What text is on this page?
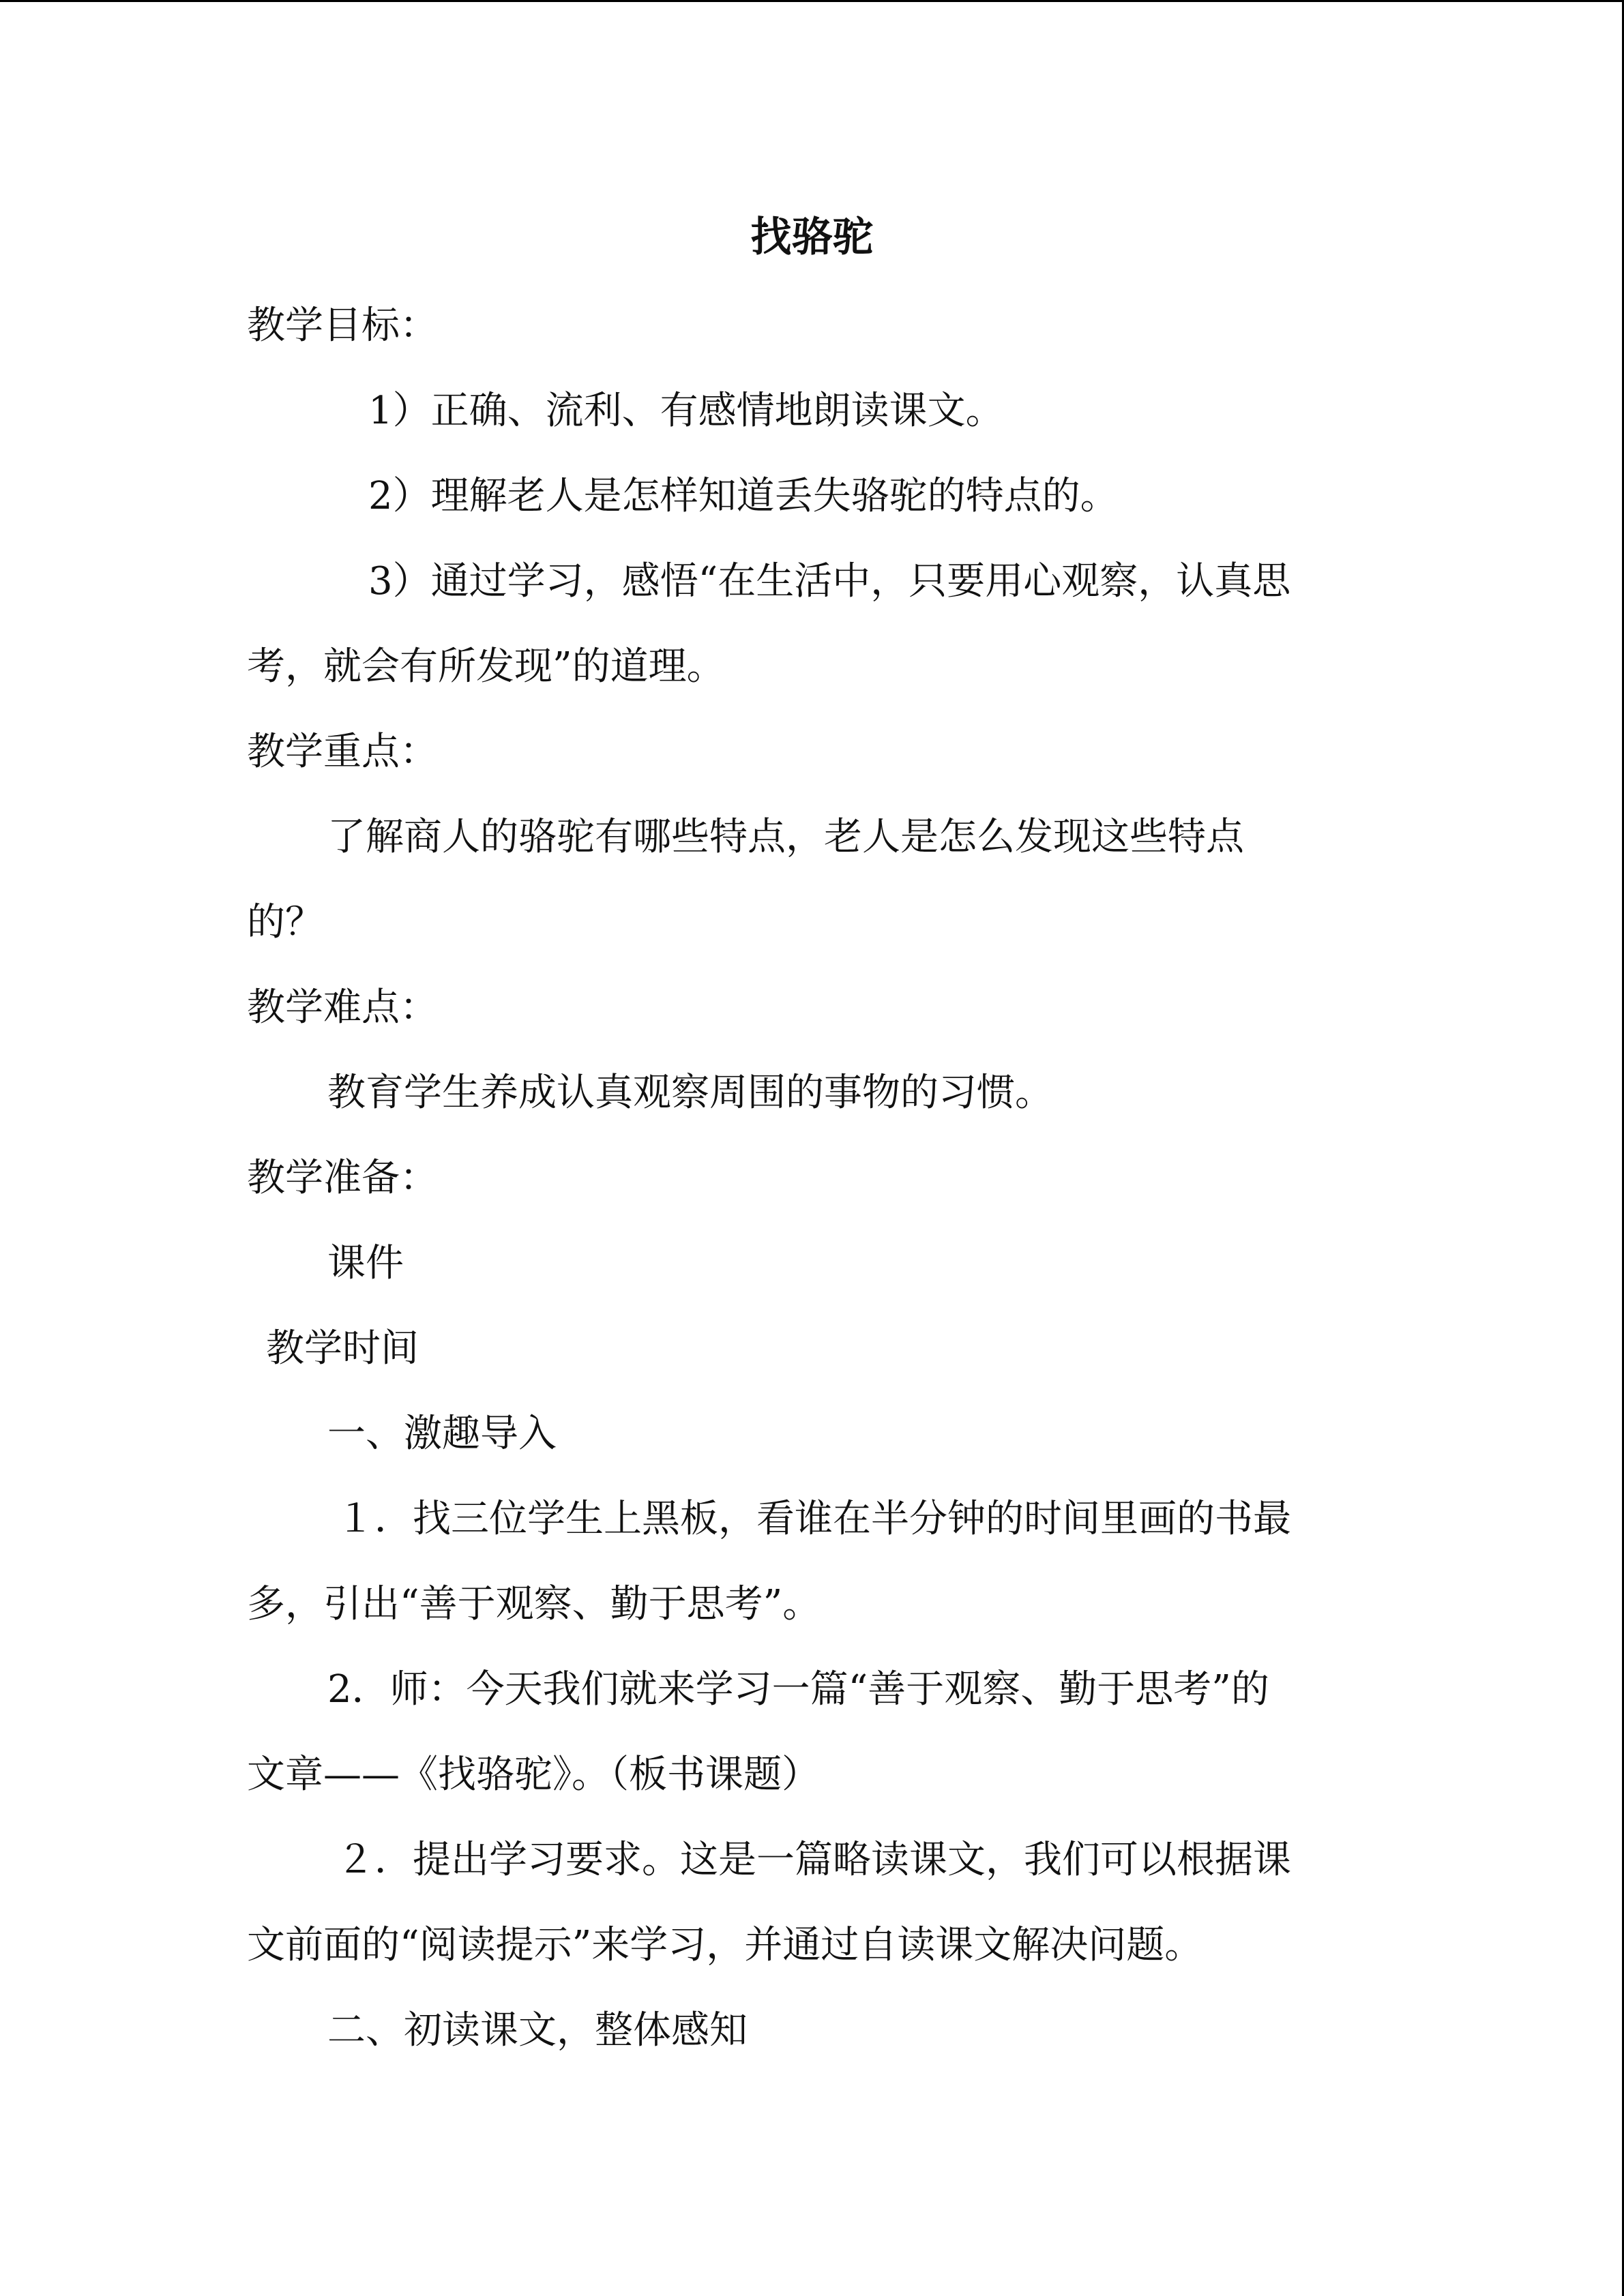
找骆驼
教学目标：
1）正确、流利、有感情地朗读课文。
2）理解老人是怎样知道丢失骆驼的特点的。
3）通过学习，感悟“在生活中，只要用心观察，认真思
考，就会有所发现”的道理。
教学重点：
了解商人的骆驼有哪些特点，老人是怎么发现这些特点
的？
教学难点：
教育学生养成认真观察周围的事物的习惯。
教学准备：
课件
教学时间
一、激趣导入
１．找三位学生上黑板，看谁在半分钟的时间里画的书最
多，引出“善于观察、勤于思考”。
2．师：今天我们就来学习一篇“善于观察、勤于思考”的
文章——《找骆驼》。（板书课题）
２．提出学习要求。这是一篇略读课文，我们可以根据课
文前面的“阅读提示”来学习，并通过自读课文解决问题。
二、初读课文，整体感知
